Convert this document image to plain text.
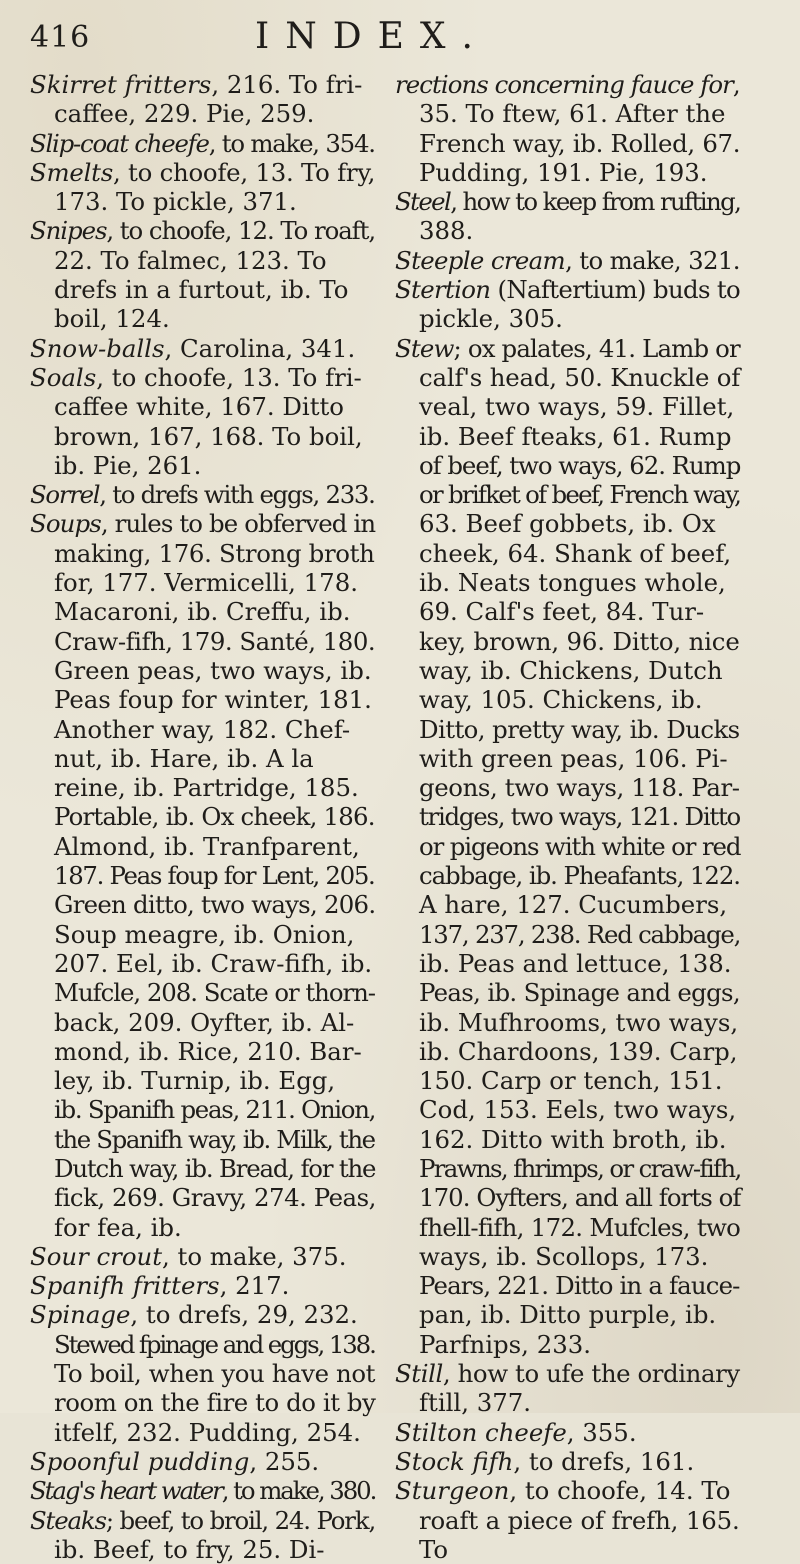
416	INDEX.
Skirret fritters, 216. To fri-
caffee, 229. Pie, 259.
Slip-coat cheefe, to make, 354.
Smelts, to choofe, 13. To fry,
173. To pickle, 371.
Snipes, to choofe, 12. To roaft,
22. To falmec, 123. To
drefs in a furtout, ib. To
boil, 124.
Snow-balls, Carolina, 341.
Soals, to choofe, 13. To fri-
caffee white, 167. Ditto
brown, 167, 168. To boil,
ib. Pie, 261.
Sorrel, to drefs with eggs, 233.
Soups, rules to be obferved in
making, 176. Strong broth
for, 177. Vermicelli, 178.
Macaroni, ib. Creffu, ib.
Craw-fifh, 179. Santé, 180.
Green peas, two ways, ib.
Peas foup for winter, 181.
Another way, 182. Chef-
nut, ib. Hare, ib. A la
reine, ib. Partridge, 185.
Portable, ib. Ox cheek, 186.
Almond, ib. Tranfparent,
187. Peas foup for Lent, 205.
Green ditto, two ways, 206.
Soup meagre, ib. Onion,
207. Eel, ib. Craw-fifh, ib.
Mufcle, 208. Scate or thorn-
back, 209. Oyfter, ib. Al-
mond, ib. Rice, 210. Bar-
ley, ib. Turnip, ib. Egg,
ib. Spanifh peas, 211. Onion,
the Spanifh way, ib. Milk, the
Dutch way, ib. Bread, for the
fick, 269. Gravy, 274. Peas,
for fea, ib.
Sour crout, to make, 375.
Spanifh fritters, 217.
Spinage, to drefs, 29, 232.
Stewed fpinage and eggs, 138.
To boil, when you have not
room on the fire to do it by
itfelf, 232. Pudding, 254.
Spoonful pudding, 255.
Stag's heart water, to make, 380.
Steaks; beef, to broil, 24. Pork,
ib. Beef, to fry, 25. Di-
rections concerning fauce for,
35. To ftew, 61. After the
French way, ib. Rolled, 67.
Pudding, 191. Pie, 193.
Steel, how to keep from rufting,
388.
Steeple cream, to make, 321.
Stertion (Naftertium) buds to
pickle, 305.
Stew; ox palates, 41. Lamb or
calf's head, 50. Knuckle of
veal, two ways, 59. Fillet,
ib. Beef fteaks, 61. Rump
of beef, two ways, 62. Rump
or brifket of beef, French way,
63. Beef gobbets, ib. Ox
cheek, 64. Shank of beef,
ib. Neats tongues whole,
69. Calf's feet, 84. Tur-
key, brown, 96. Ditto, nice
way, ib. Chickens, Dutch
way, 105. Chickens, ib.
Ditto, pretty way, ib. Ducks
with green peas, 106. Pi-
geons, two ways, 118. Par-
tridges, two ways, 121. Ditto
or pigeons with white or red
cabbage, ib. Pheafants, 122.
A hare, 127. Cucumbers,
137, 237, 238. Red cabbage,
ib. Peas and lettuce, 138.
Peas, ib. Spinage and eggs,
ib. Mufhrooms, two ways,
ib. Chardoons, 139. Carp,
150. Carp or tench, 151.
Cod, 153. Eels, two ways,
162. Ditto with broth, ib.
Prawns, fhrimps, or craw-fifh,
170. Oyfters, and all forts of
fhell-fifh, 172. Mufcles, two
ways, ib. Scollops, 173.
Pears, 221. Ditto in a fauce-
pan, ib. Ditto purple, ib.
Parfnips, 233.
Still, how to ufe the ordinary
ftill, 377.
Stilton cheefe, 355.
Stock fifh, to drefs, 161.
Sturgeon, to choofe, 14. To
roaft a piece of frefh, 165.
To
